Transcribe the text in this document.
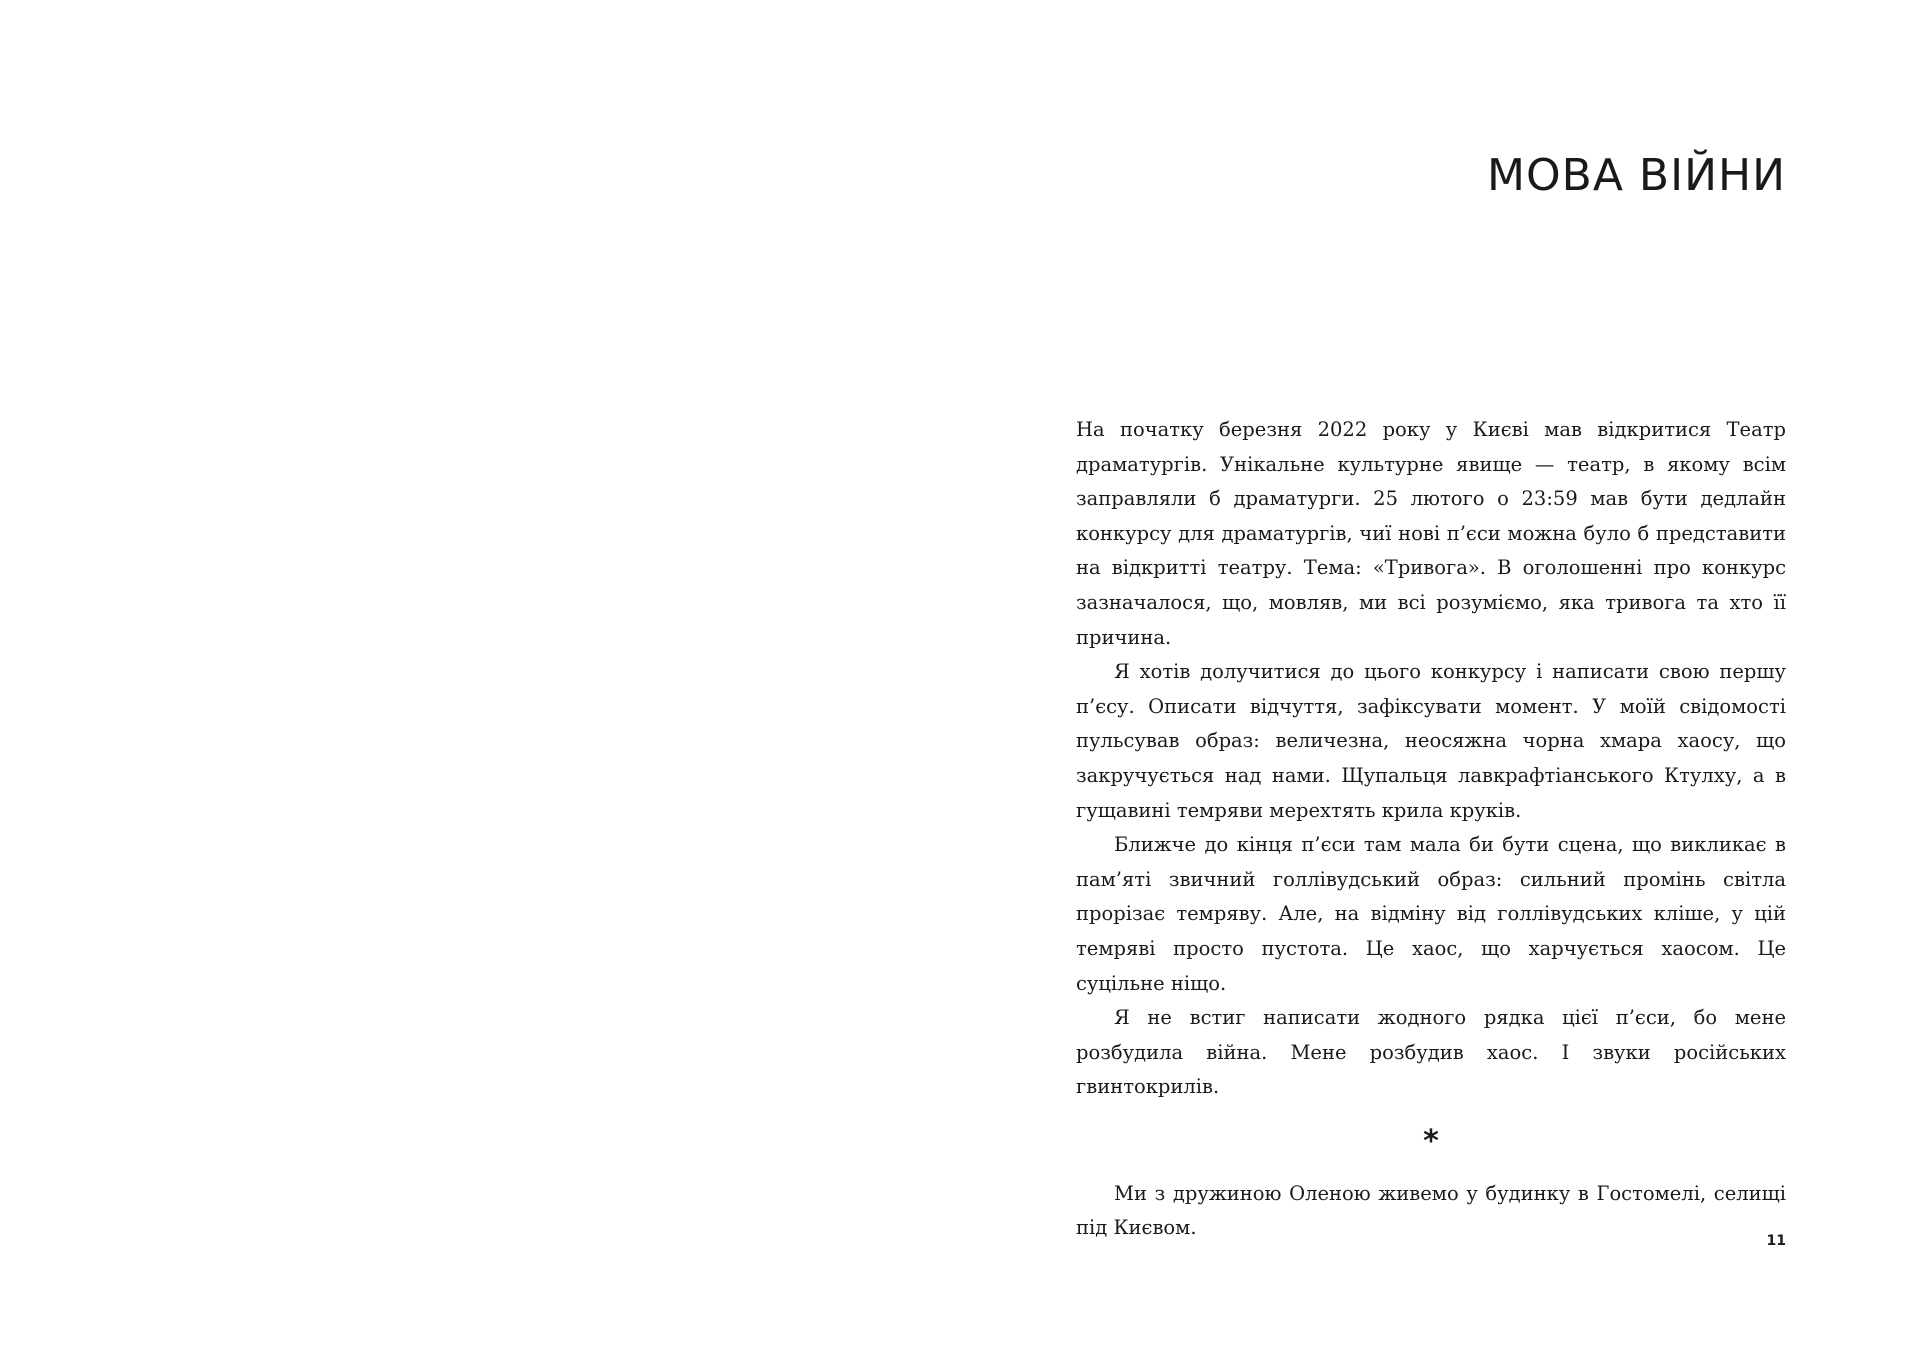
МОВА ВІЙНИ

На початку березня 2022 року у Києві мав відкритися Театр драматургів. Унікальне культурне явище — театр, в якому всім заправляли б драматурги. 25 лютого о 23:59 мав бути дедлайн конкурсу для драматургів, чиї нові п’єси можна було б представити на відкритті театру. Тема: «Тривога». В оголошенні про конкурс зазначалося, що, мовляв, ми всі розуміємо, яка тривога та хто її причина.

Я хотів долучитися до цього конкурсу і написати свою першу п’єсу. Описати відчуття, зафіксувати момент. У моїй свідомості пульсував образ: величезна, неосяжна чорна хмара хаосу, що закручується над нами. Щупальця лавкрафтіанського Ктулху, а в гущавині темряви мерехтять крила круків.

Ближче до кінця п’єси там мала би бути сцена, що викликає в пам’яті звичний голлівудський образ: сильний промінь світла прорізає темряву. Але, на відміну від голлівудських кліше, у цій темряві просто пустота. Це хаос, що харчується хаосом. Це суцільне ніщо.

Я не встиг написати жодного рядка цієї п’єси, бо мене розбудила війна. Мене розбудив хаос. І звуки російських гвинтокрилів.

*

Ми з дружиною Оленою живемо у будинку в Гостомелі, селищі під Києвом.

11
